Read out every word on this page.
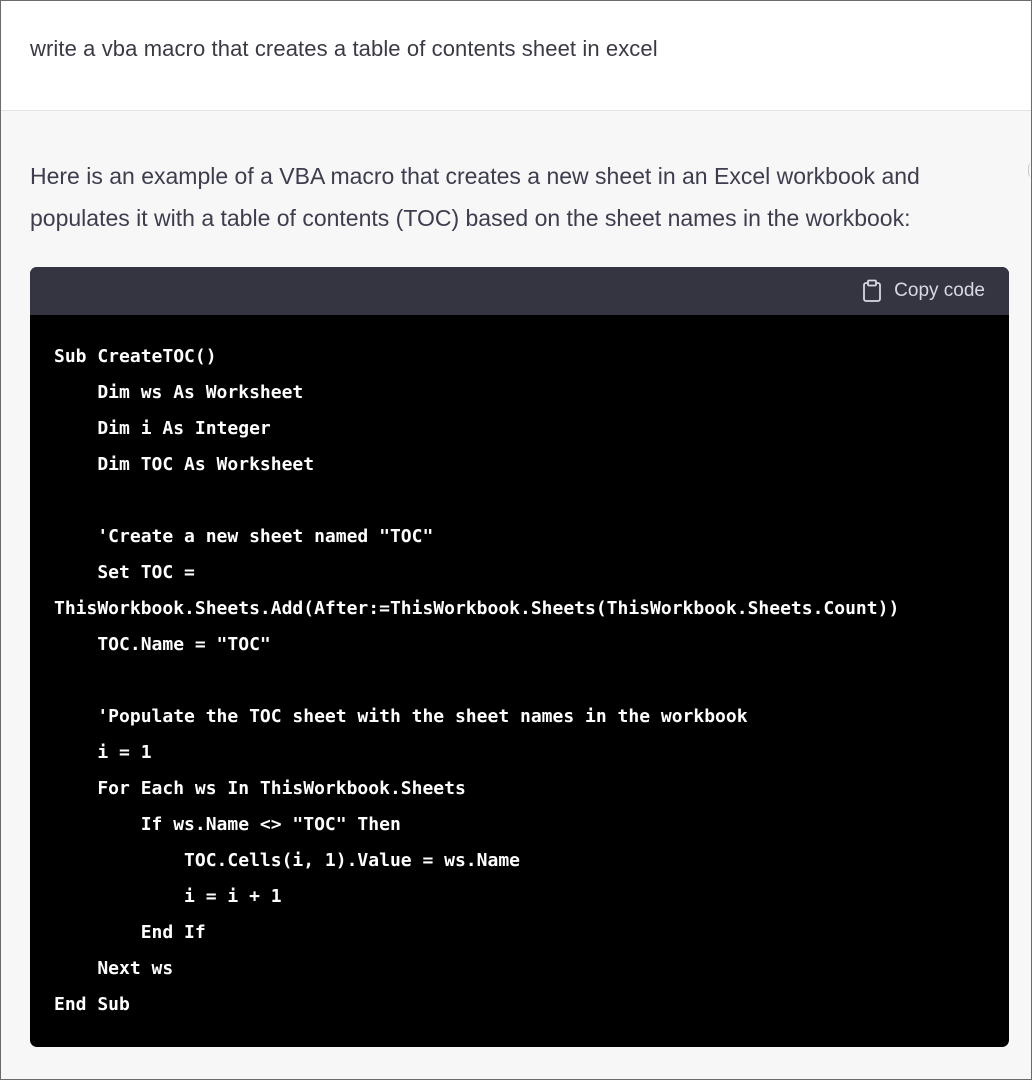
write a vba macro that creates a table of contents sheet in excel
Here is an example of a VBA macro that creates a new sheet in an Excel workbook and populates it with a table of contents (TOC) based on the sheet names in the workbook:
Copy code
Sub CreateTOC()
Dim ws As Worksheet
Dim i As Integer
Dim TOC As Worksheet
'Create a new sheet named "TOC"
Set TOC =
ThisWorkbook.Sheets.Add(After:=ThisWorkbook.Sheets(ThisWorkbook.Sheets.Count))
TOC.Name = "TOC"
'Populate the TOC sheet with the sheet names in the workbook
i = 1
For Each ws In ThisWorkbook.Sheets
If ws.Name <> "TOC" Then
TOC.Cells(i, 1).Value = ws.Name
i = i + 1
End If
Next ws
End Sub
